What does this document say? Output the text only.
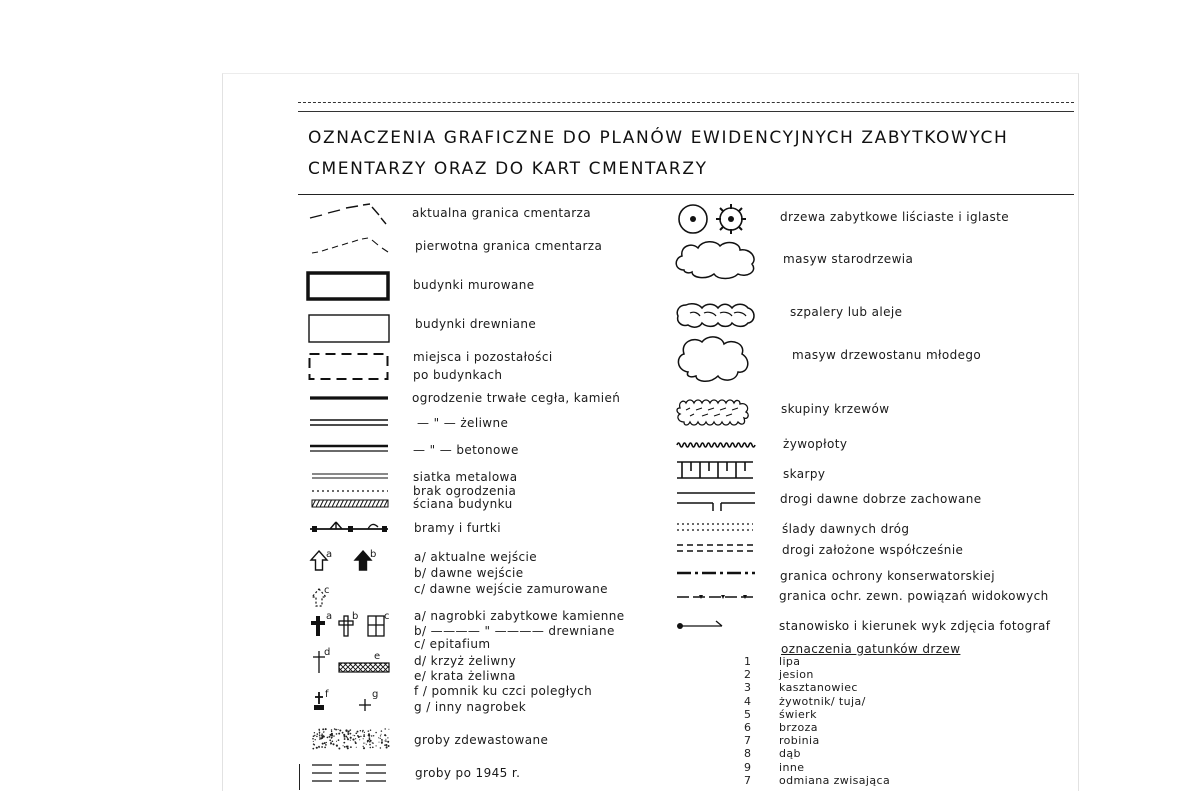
OZNACZENIA GRAFICZNE DO PLANÓW EWIDENCYJNYCH ZABYTKOWYCH
CMENTARZY ORAZ DO KART CMENTARZY
aktualna granica cmentarza
pierwotna granica cmentarza
budynki murowane
budynki drewniane
miejsca i pozostałości
po budynkach
ogrodzenie trwałe cegła, kamień
— " — żeliwne
— " — betonowe
siatka metalowa
brak ogrodzenia
ściana budynku
bramy i furtki
a	b
c
a/ aktualne wejście
b/ dawne wejście
c/ dawne wejście zamurowane
a b	c a/ nagrobki zabytkowe kamienne
b/ ———— " ———— drewniane
c/ epitafium
d	e
f	g
d/ krzyż żeliwny
e/ krata żeliwna
f / pomnik ku czci poległych
g / inny nagrobek
groby zdewastowane
groby po 1945 r.
drzewa zabytkowe liściaste i iglaste
masyw starodrzewia
szpalery lub aleje
masyw drzewostanu młodego
skupiny krzewów
żywopłoty
skarpy
drogi dawne dobrze zachowane
ślady dawnych dróg
drogi założone współcześnie
granica ochrony konserwatorskiej
granica ochr. zewn. powiązań widokowych
stanowisko i kierunek wyk zdjęcia fotograf
oznaczenia gatunków drzew
1	lipa
2	jesion
3	kasztanowiec
4	żywotnik/ tuja/
5	świerk
6	brzoza
7	robinia
8	dąb
9	inne
7	odmiana zwisająca
